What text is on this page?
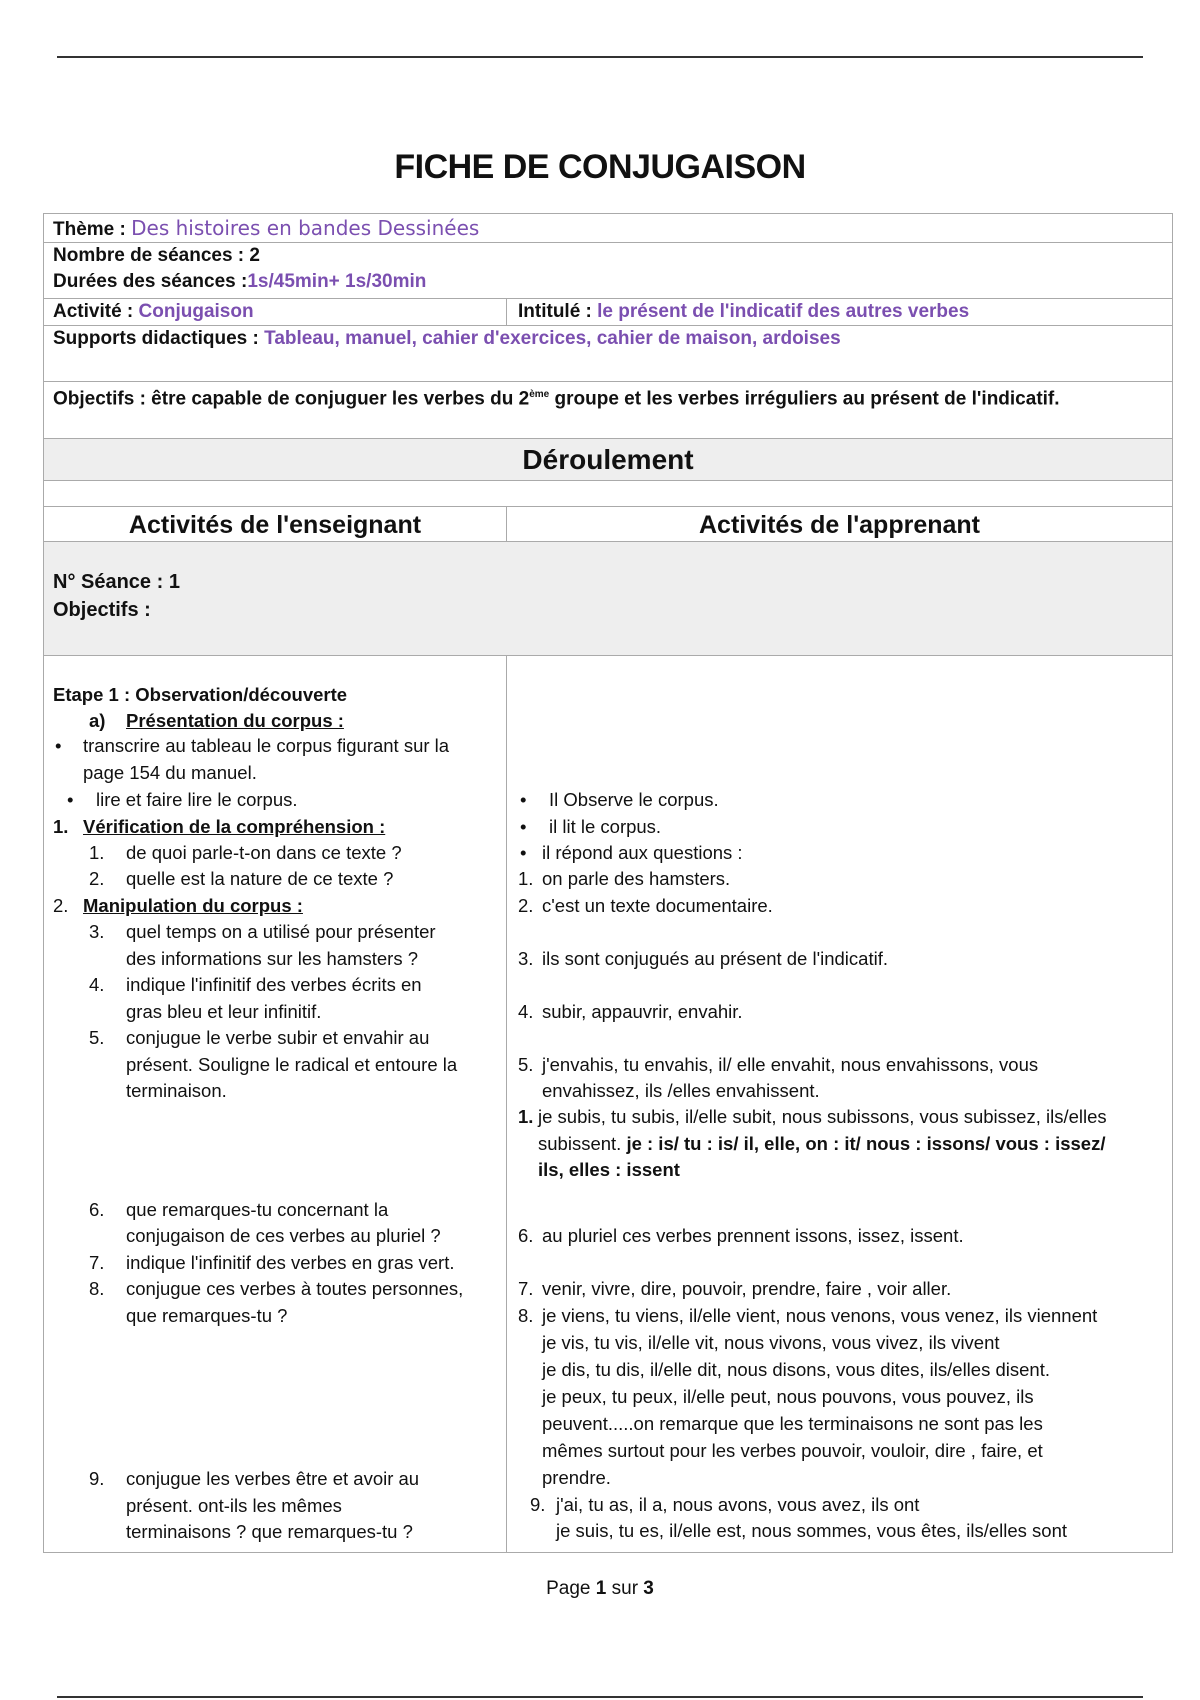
FICHE DE CONJUGAISON
Thème : Des histoires en bandes Dessinées
Nombre de séances : 2
Durées des séances :1s/45min+ 1s/30min
Activité : Conjugaison	Intitulé : le présent de l'indicatif des autres verbes
Supports didactiques : Tableau, manuel, cahier d'exercices, cahier de maison, ardoises
Objectifs : être capable de conjuguer les verbes du 2ème groupe et les verbes irréguliers au présent de l'indicatif.
Déroulement
Activités de l'enseignant	Activités de l'apprenant
N° Séance : 1
Objectifs :
Etape 1 : Observation/découverte
a) Présentation du corpus :
• transcrire au tableau le corpus figurant sur la
page 154 du manuel.
• lire et faire lire le corpus.
1. Vérification de la compréhension :
1. de quoi parle-t-on dans ce texte ?
2. quelle est la nature de ce texte ?
2. Manipulation du corpus :
3. quel temps on a utilisé pour présenter
des informations sur les hamsters ?
4. indique l'infinitif des verbes écrits en
gras bleu et leur infinitif.
5. conjugue le verbe subir et envahir au
présent. Souligne le radical et entoure la
terminaison.
6. que remarques-tu concernant la
conjugaison de ces verbes au pluriel ?
7. indique l'infinitif des verbes en gras vert.
8. conjugue ces verbes à toutes personnes,
que remarques-tu ?
9. conjugue les verbes être et avoir au
présent. ont-ils les mêmes
terminaisons ? que remarques-tu ?
• Il Observe le corpus.
• il lit le corpus.
• il répond aux questions :
1. on parle des hamsters.
2. c'est un texte documentaire.
3. ils sont conjugués au présent de l'indicatif.
4. subir, appauvrir, envahir.
5. j'envahis, tu envahis, il/ elle envahit, nous envahissons, vous
envahissez, ils /elles envahissent.
1. je subis, tu subis, il/elle subit, nous subissons, vous subissez, ils/elles
subissent. je : is/ tu : is/ il, elle, on : it/ nous : issons/ vous : issez/
ils, elles : issent
6. au pluriel ces verbes prennent issons, issez, issent.
7. venir, vivre, dire, pouvoir, prendre, faire , voir aller.
8. je viens, tu viens, il/elle vient, nous venons, vous venez, ils viennent
je vis, tu vis, il/elle vit, nous vivons, vous vivez, ils vivent
je dis, tu dis, il/elle dit, nous disons, vous dites, ils/elles disent.
je peux, tu peux, il/elle peut, nous pouvons, vous pouvez, ils
peuvent.....on remarque que les terminaisons ne sont pas les
mêmes surtout pour les verbes pouvoir, vouloir, dire , faire, et
prendre.
9. j'ai, tu as, il a, nous avons, vous avez, ils ont
je suis, tu es, il/elle est, nous sommes, vous êtes, ils/elles sont
Page 1 sur 3
